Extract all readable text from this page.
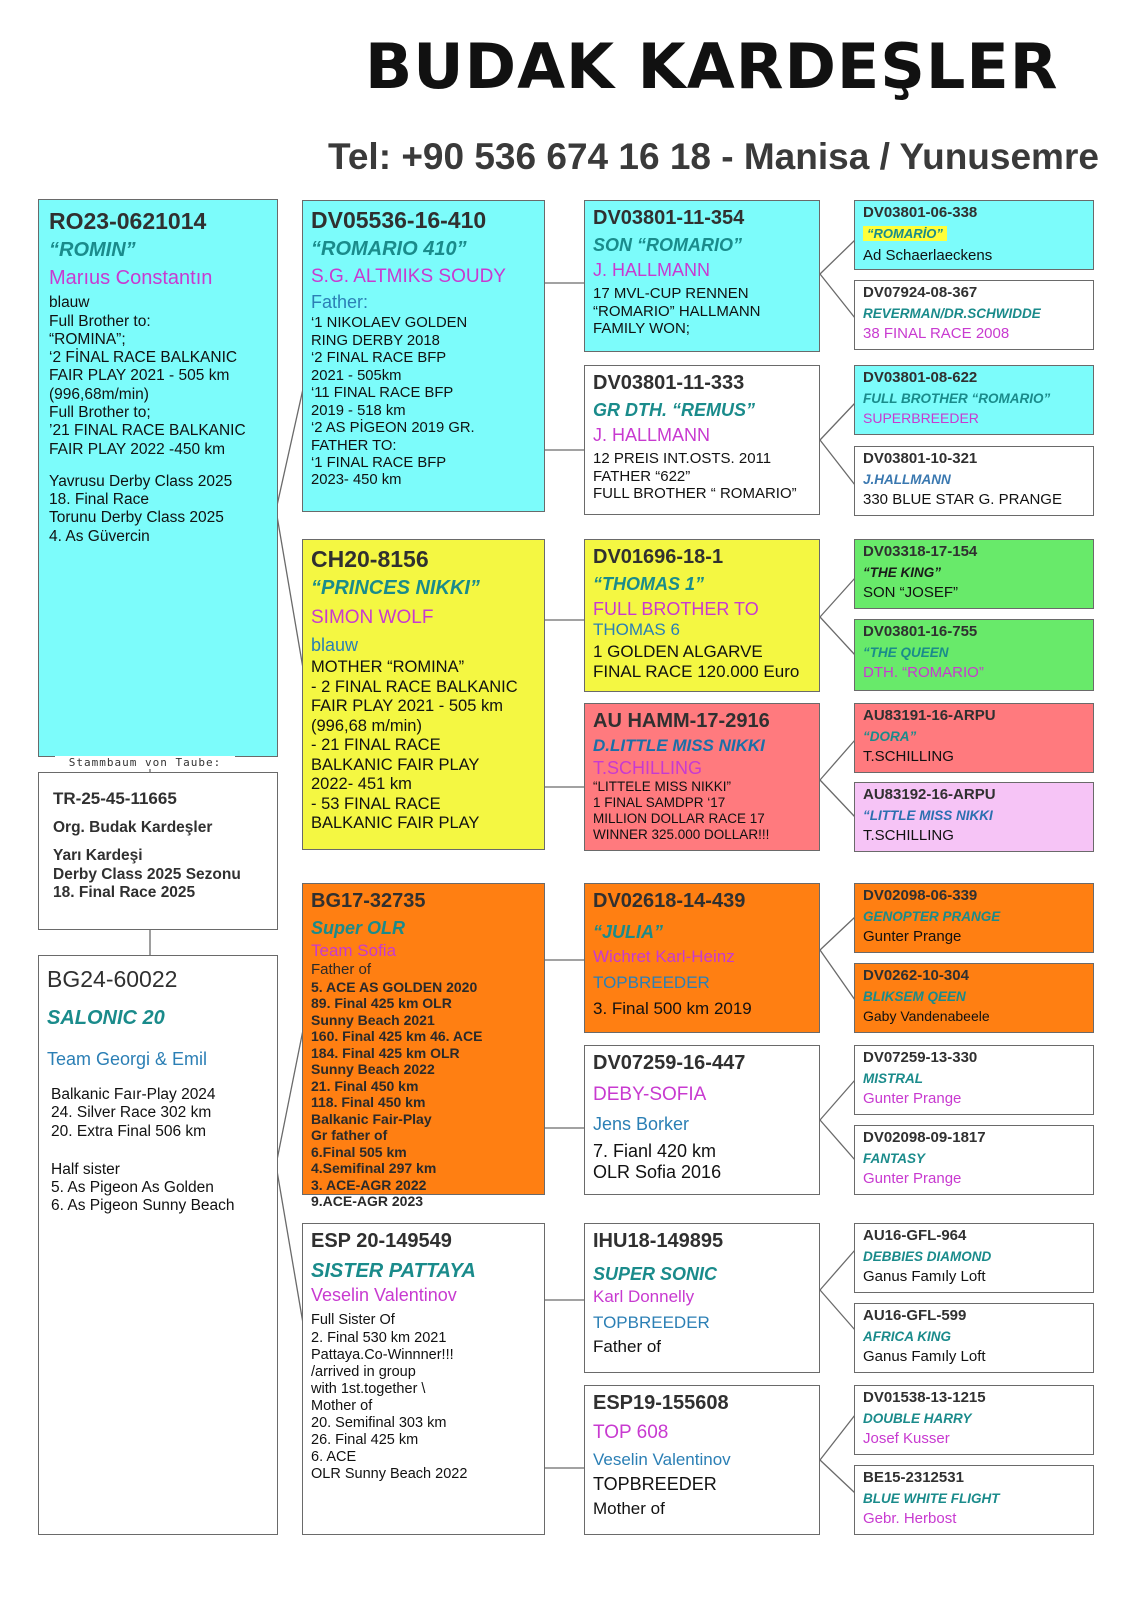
BUDAK KARDEŞLER
Tel: +90 536 674 16 18 - Manisa / Yunusemre
RO23-0621014
“ROMIN”
Marıus Constantın
blauw
Full Brother to:
“ROMINA”;
‘2 FİNAL RACE BALKANIC
FAIR PLAY 2021 - 505 km
(996,68m/min)
Full Brother to;
’21 FINAL RACE BALKANIC
FAIR PLAY 2022 -450 km
Yavrusu Derby Class 2025
18. Final Race
Torunu Derby Class 2025
4. As Güvercin
TR-25-45-11665
Org. Budak Kardeşler
Yarı Kardeşi
Derby Class 2025 Sezonu
18. Final Race 2025
Stammbaum von Taube:
BG24-60022
SALONIC 20
Team Georgi & Emil
Balkanic Faır-Play 2024
24. Silver Race 302 km
20. Extra Final 506 km
Half sister
5. As Pigeon As Golden
6. As Pigeon Sunny Beach
DV05536-16-410
“ROMARIO 410”
S.G. ALTMIKS SOUDY
Father:
‘1 NIKOLAEV GOLDEN
RING DERBY 2018
‘2 FINAL RACE BFP
2021 - 505km
‘11 FINAL RACE BFP
2019 - 518 km
‘2 AS PİGEON 2019 GR.
FATHER TO:
‘1 FINAL RACE BFP
2023- 450 km
CH20-8156
“PRINCES NIKKI”
SIMON WOLF
blauw
MOTHER “ROMINA”
- 2 FINAL RACE BALKANIC
FAIR PLAY 2021 - 505 km
(996,68 m/min)
- 21 FINAL RACE
BALKANIC FAIR PLAY
2022- 451 km
- 53 FINAL RACE
BALKANIC FAIR PLAY
BG17-32735
Super OLR
Team Sofia
Father of
5. ACE AS GOLDEN 2020
89. Final 425 km OLR
Sunny Beach 2021
160. Final 425 km 46. ACE
184. Final 425 km OLR
Sunny Beach 2022
21. Final 450 km
118. Final 450 km
Balkanic Fair-Play
Gr father of
6.Final 505 km
4.Semifinal 297 km
3. ACE-AGR 2022
9.ACE-AGR 2023
ESP 20-149549
SISTER PATTAYA
Veselin Valentinov
Full Sister Of
2. Final 530 km 2021
Pattaya.Co-Winnner!!!
/arrived in group
with 1st.together \
Mother of
20. Semifinal 303 km
26. Final 425 km
6. ACE
OLR Sunny Beach 2022
DV03801-11-354
SON “ROMARIO”
J. HALLMANN
17 MVL-CUP RENNEN
“ROMARIO” HALLMANN
FAMILY WON;
DV03801-11-333
GR DTH. “REMUS”
J. HALLMANN
12 PREIS INT.OSTS. 2011
FATHER “622”
FULL BROTHER “ ROMARIO”
DV01696-18-1
“THOMAS 1”
FULL BROTHER TO
THOMAS 6
1 GOLDEN ALGARVE
FINAL RACE 120.000 Euro
AU HAMM-17-2916
D.LITTLE MISS NIKKI
T.SCHILLING
“LITTELE MISS NIKKI”
1 FINAL SAMDPR ‘17
MILLION DOLLAR RACE 17
WINNER 325.000 DOLLAR!!!
DV02618-14-439
“JULIA”
Wichret Karl-Heinz
TOPBREEDER
3. Final 500 km 2019
DV07259-16-447
DEBY-SOFIA
Jens Borker
7. Fianl 420 km
OLR Sofia 2016
IHU18-149895
SUPER SONIC
Karl Donnelly
TOPBREEDER
Father of
ESP19-155608
TOP 608
Veselin Valentinov
TOPBREEDER
Mother of
DV03801-06-338
“ROMARİO”
Ad Schaerlaeckens
DV07924-08-367
REVERMAN/DR.SCHWIDDE
38 FINAL RACE 2008
DV03801-08-622
FULL BROTHER “ROMARIO”
SUPERBREEDER
DV03801-10-321
J.HALLMANN
330 BLUE STAR G. PRANGE
DV03318-17-154
“THE KING”
SON “JOSEF”
DV03801-16-755
“THE QUEEN
DTH. “ROMARIO”
AU83191-16-ARPU
“DORA”
T.SCHILLING
AU83192-16-ARPU
“LITTLE MISS NIKKI
T.SCHILLING
DV02098-06-339
GENOPTER PRANGE
Gunter Prange
DV0262-10-304
BLIKSEM QEEN
Gaby Vandenabeele
DV07259-13-330
MISTRAL
Gunter Prange
DV02098-09-1817
FANTASY
Gunter Prange
AU16-GFL-964
DEBBIES DIAMOND
Ganus Famıly Loft
AU16-GFL-599
AFRICA KING
Ganus Famıly Loft
DV01538-13-1215
DOUBLE HARRY
Josef Kusser
BE15-2312531
BLUE WHITE FLIGHT
Gebr. Herbost
